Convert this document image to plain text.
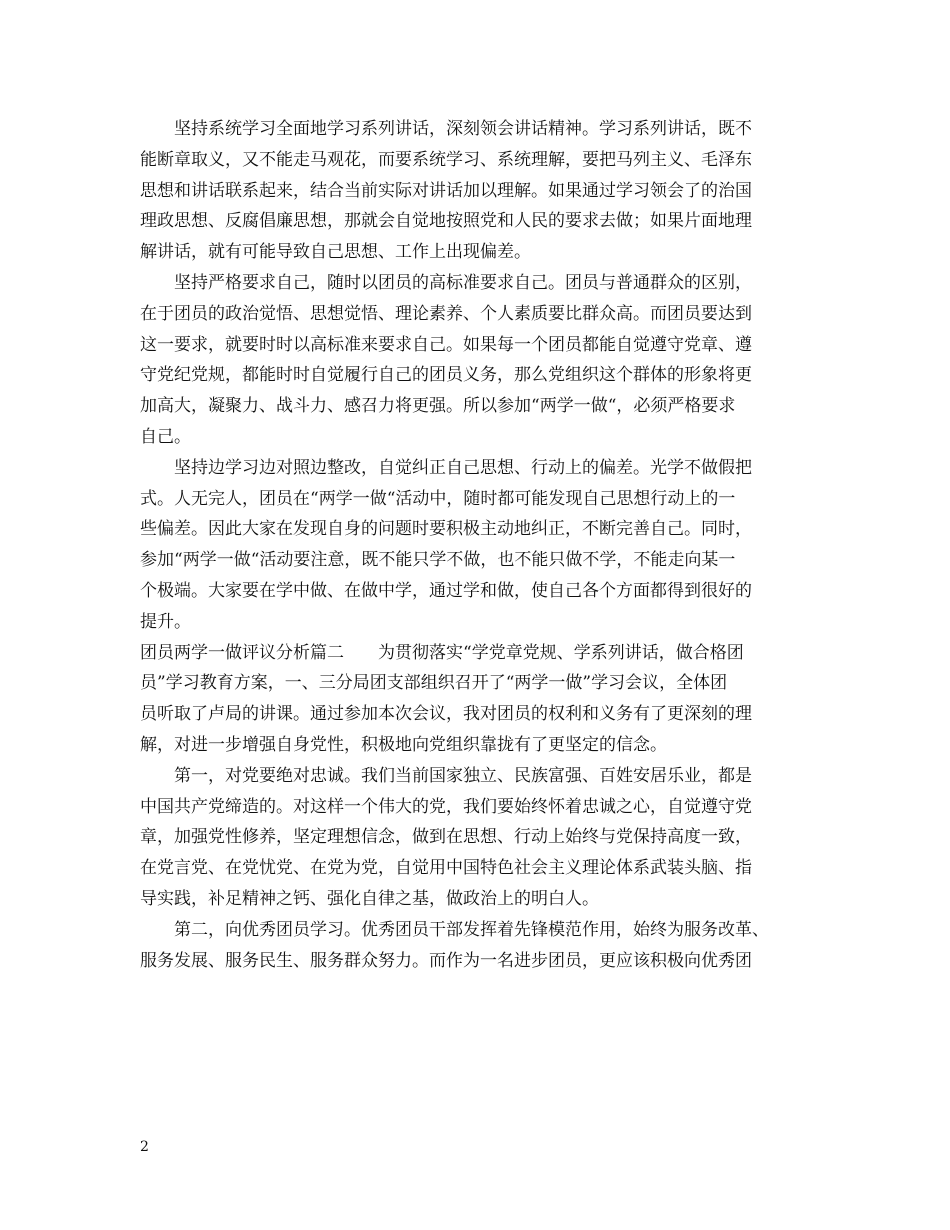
　　坚持系统学习全面地学习系列讲话，深刻领会讲话精神。学习系列讲话，既不
能断章取义，又不能走马观花，而要系统学习、系统理解，要把马列主义、毛泽东
思想和讲话联系起来，结合当前实际对讲话加以理解。如果通过学习领会了的治国
理政思想、反腐倡廉思想，那就会自觉地按照党和人民的要求去做；如果片面地理
解讲话，就有可能导致自己思想、工作上出现偏差。
　　坚持严格要求自己，随时以团员的高标准要求自己。团员与普通群众的区别，
在于团员的政治觉悟、思想觉悟、理论素养、个人素质要比群众高。而团员要达到
这一要求，就要时时以高标准来要求自己。如果每一个团员都能自觉遵守党章、遵
守党纪党规，都能时时自觉履行自己的团员义务，那么党组织这个群体的形象将更
加高大，凝聚力、战斗力、感召力将更强。所以参加“两学一做“，必须严格要求
自己。
　　坚持边学习边对照边整改，自觉纠正自己思想、行动上的偏差。光学不做假把
式。人无完人，团员在“两学一做“活动中，随时都可能发现自己思想行动上的一
些偏差。因此大家在发现自身的问题时要积极主动地纠正，不断完善自己。同时，
参加“两学一做“活动要注意，既不能只学不做，也不能只做不学，不能走向某一
个极端。大家要在学中做、在做中学，通过学和做，使自己各个方面都得到很好的
提升。
团员两学一做评议分析篇二　　为贯彻落实“学党章党规、学系列讲话，做合格团
员”学习教育方案，一、三分局团支部组织召开了“两学一做”学习会议，全体团
员听取了卢局的讲课。通过参加本次会议，我对团员的权利和义务有了更深刻的理
解，对进一步增强自身党性，积极地向党组织靠拢有了更坚定的信念。
　　第一，对党要绝对忠诚。我们当前国家独立、民族富强、百姓安居乐业，都是
中国共产党缔造的。对这样一个伟大的党，我们要始终怀着忠诚之心，自觉遵守党
章，加强党性修养，坚定理想信念，做到在思想、行动上始终与党保持高度一致，
在党言党、在党忧党、在党为党，自觉用中国特色社会主义理论体系武装头脑、指
导实践，补足精神之钙、强化自律之基，做政治上的明白人。
　　第二，向优秀团员学习。优秀团员干部发挥着先锋模范作用，始终为服务改革、
服务发展、服务民生、服务群众努力。而作为一名进步团员，更应该积极向优秀团
2
